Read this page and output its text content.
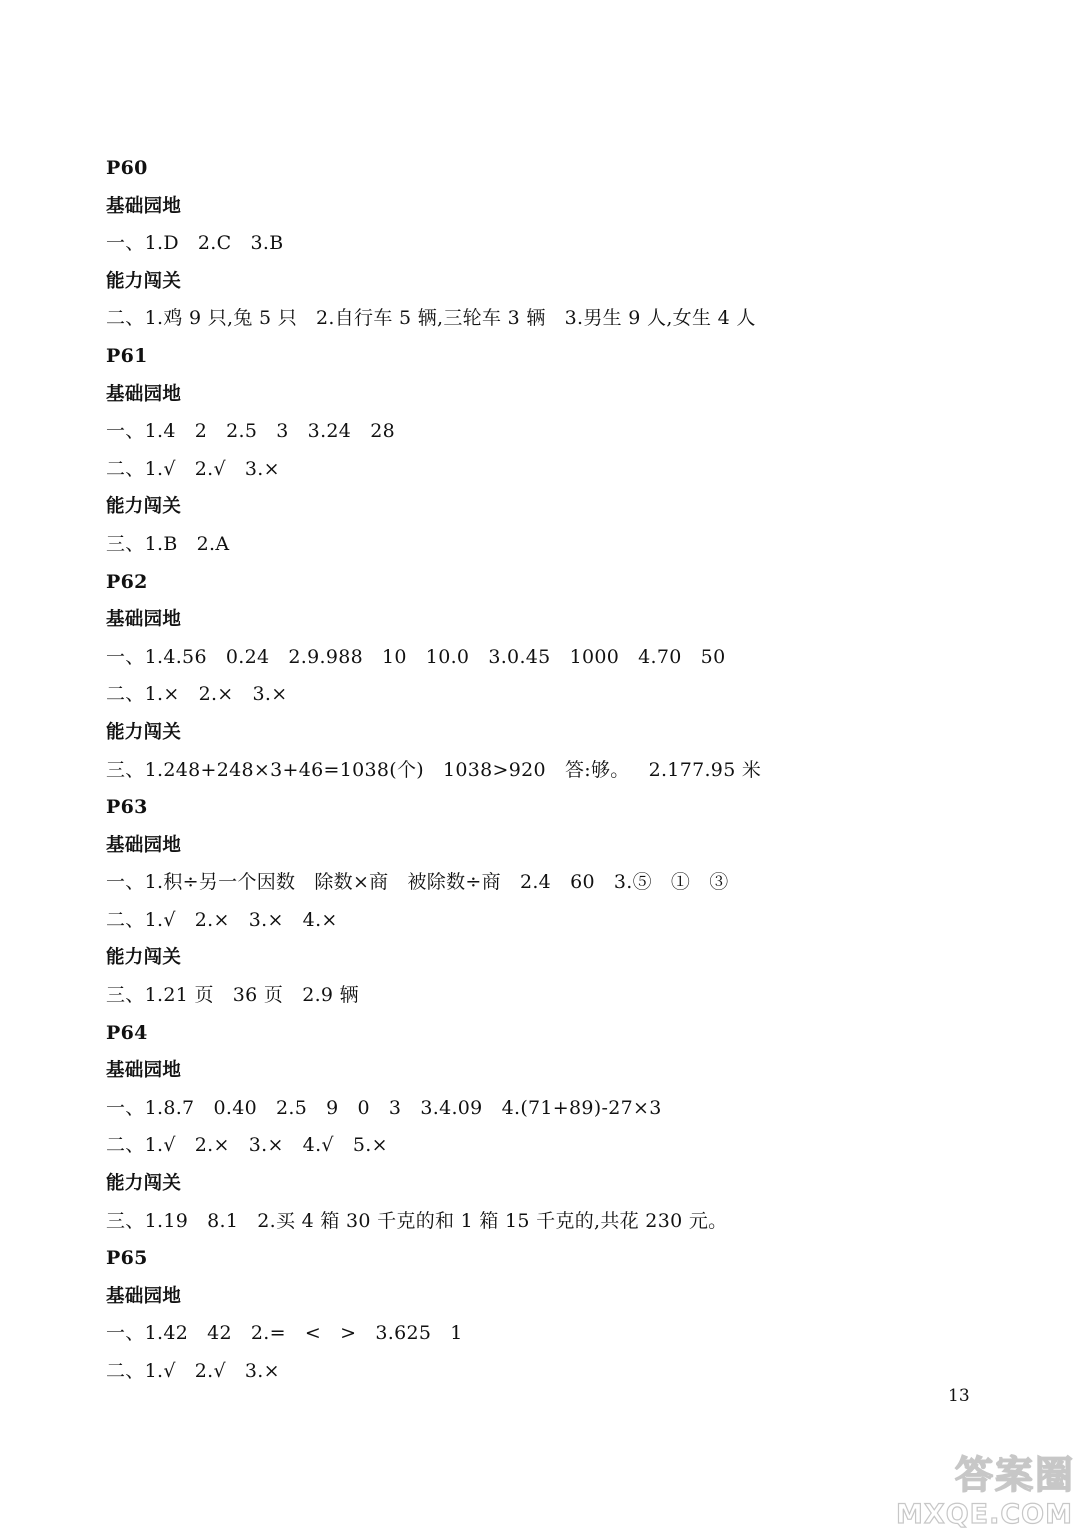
P60
基础园地
一、1.D   2.C   3.B
能力闯关
二、1.鸡 9 只,兔 5 只   2.自行车 5 辆,三轮车 3 辆   3.男生 9 人,女生 4 人
P61
基础园地
一、1.4   2   2.5   3   3.24   28
二、1.√   2.√   3.×
能力闯关
三、1.B   2.A
P62
基础园地
一、1.4.56   0.24   2.9.988   10   10.0   3.0.45   1000   4.70   50
二、1.×   2.×   3.×
能力闯关
三、1.248+248×3+46=1038(个)   1038>920   答:够。   2.177.95 米
P63
基础园地
一、1.积÷另一个因数   除数×商   被除数÷商   2.4   60   3.⑤   ①   ③
二、1.√   2.×   3.×   4.×
能力闯关
三、1.21 页   36 页   2.9 辆
P64
基础园地
一、1.8.7   0.40   2.5   9   0   3   3.4.09   4.(71+89)-27×3
二、1.√   2.×   3.×   4.√   5.×
能力闯关
三、1.19   8.1   2.买 4 箱 30 千克的和 1 箱 15 千克的,共花 230 元。
P65
基础园地
一、1.42   42   2.=   <   >   3.625   1
二、1.√   2.√   3.×
13
答案圈
MXQE.COM
